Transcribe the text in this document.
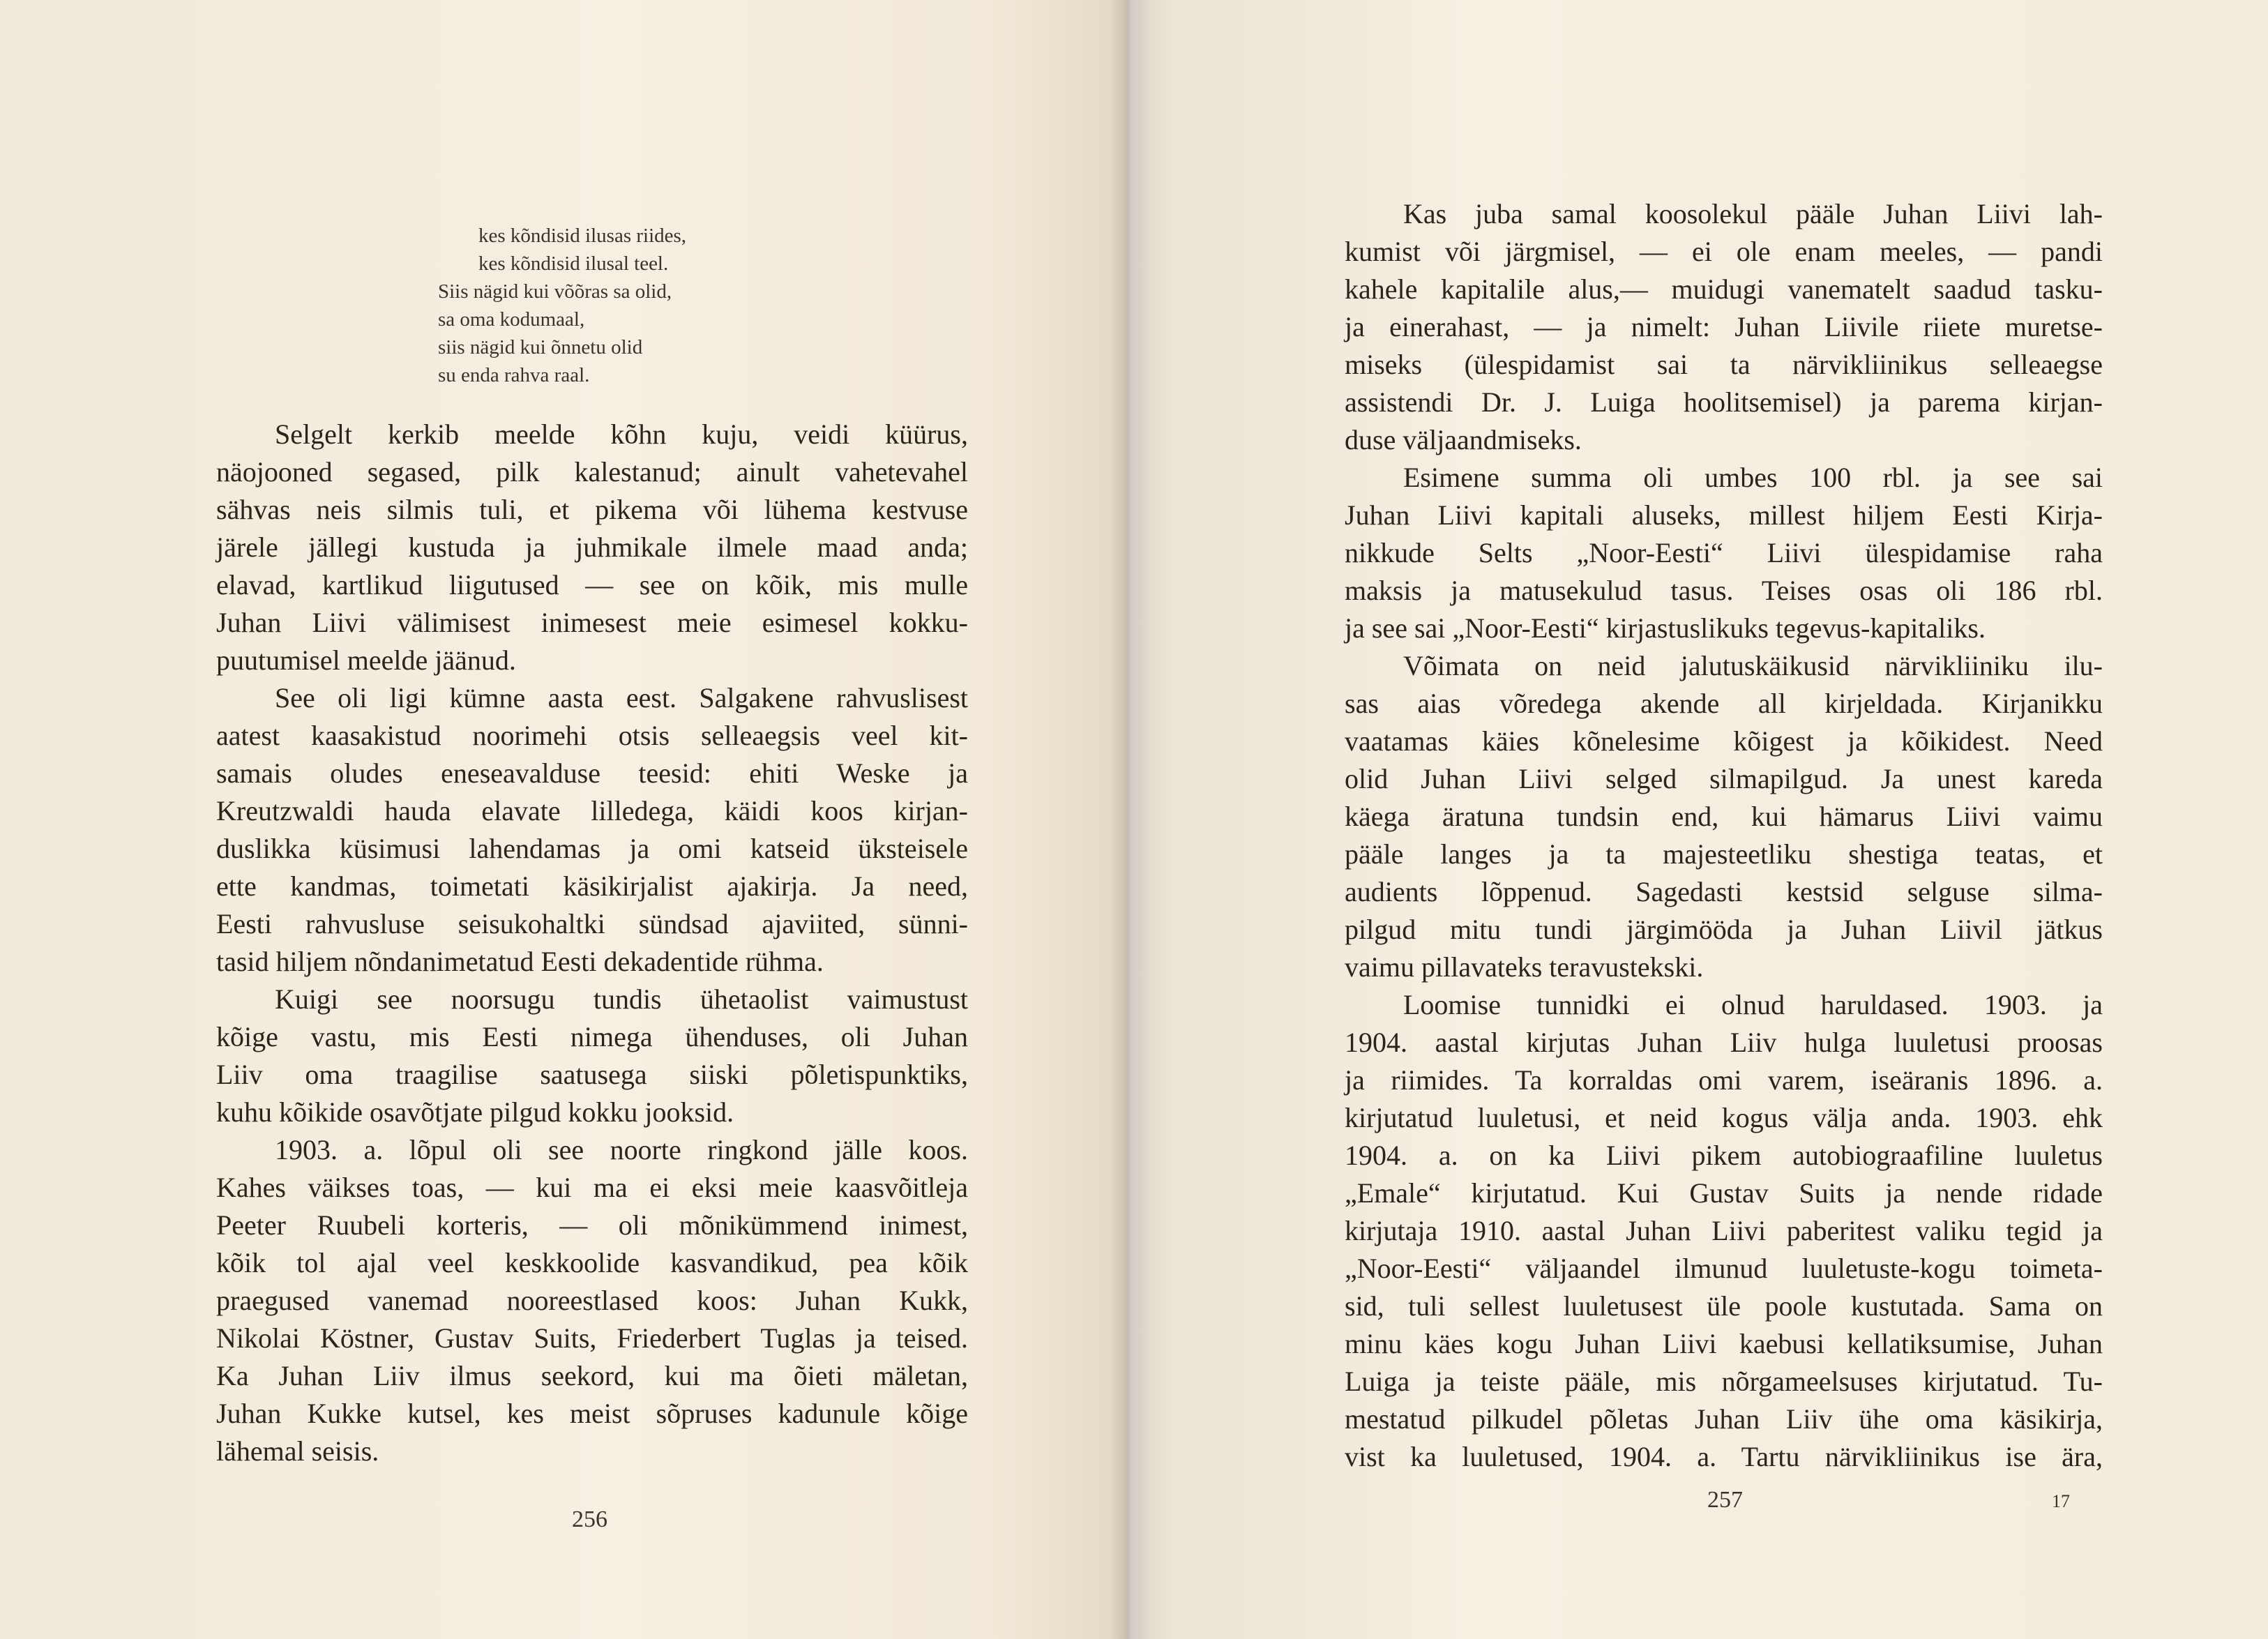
kes kõndisid ilusas riides,
kes kõndisid ilusal teel.
Siis nägid kui võõras sa olid,
sa oma kodumaal,
siis nägid kui õnnetu olid
su enda rahva raal.
Selgelt kerkib meelde kõhn kuju, veidi küürus,
näojooned segased, pilk kalestanud; ainult vahetevahel
sähvas neis silmis tuli, et pikema või lühema kestvuse
järele jällegi kustuda ja juhmikale ilmele maad anda;
elavad, kartlikud liigutused — see on kõik, mis mulle
Juhan Liivi välimisest inimesest meie esimesel kokku-
puutumisel meelde jäänud.
See oli ligi kümne aasta eest. Salgakene rahvuslisest
aatest kaasakistud noorimehi otsis selleaegsis veel kit-
samais oludes eneseavalduse teesid: ehiti Weske ja
Kreutzwaldi hauda elavate lilledega, käidi koos kirjan-
duslikka küsimusi lahendamas ja omi katseid üksteisele
ette kandmas, toimetati käsikirjalist ajakirja. Ja need,
Eesti rahvusluse seisukohaltki sündsad ajaviited, sünni-
tasid hiljem nõndanimetatud Eesti dekadentide rühma.
Kuigi see noorsugu tundis ühetaolist vaimustust
kõige vastu, mis Eesti nimega ühenduses, oli Juhan
Liiv oma traagilise saatusega siiski põletispunktiks,
kuhu kõikide osavõtjate pilgud kokku jooksid.
1903. a. lõpul oli see noorte ringkond jälle koos.
Kahes väikses toas, — kui ma ei eksi meie kaasvõitleja
Peeter Ruubeli korteris, — oli mõnikümmend inimest,
kõik tol ajal veel keskkoolide kasvandikud, pea kõik
praegused vanemad nooreestlased koos: Juhan Kukk,
Nikolai Köstner, Gustav Suits, Friederbert Tuglas ja teised.
Ka Juhan Liiv ilmus seekord, kui ma õieti mäletan,
Juhan Kukke kutsel, kes meist sõpruses kadunule kõige
lähemal seisis.
256
Kas juba samal koosolekul pääle Juhan Liivi lah-
kumist või järgmisel, — ei ole enam meeles, — pandi
kahele kapitalile alus,— muidugi vanematelt saadud tasku-
ja einerahast, — ja nimelt: Juhan Liivile riiete muretse-
miseks (ülespidamist sai ta närvikliinikus selleaegse
assistendi Dr. J. Luiga hoolitsemisel) ja parema kirjan-
duse väljaandmiseks.
Esimene summa oli umbes 100 rbl. ja see sai
Juhan Liivi kapitali aluseks, millest hiljem Eesti Kirja-
nikkude Selts „Noor-Eesti“ Liivi ülespidamise raha
maksis ja matusekulud tasus. Teises osas oli 186 rbl.
ja see sai „Noor-Eesti“ kirjastuslikuks tegevus-kapitaliks.
Võimata on neid jalutuskäikusid närvikliiniku ilu-
sas aias võredega akende all kirjeldada. Kirjanikku
vaatamas käies kõnelesime kõigest ja kõikidest. Need
olid Juhan Liivi selged silmapilgud. Ja unest kareda
käega äratuna tundsin end, kui hämarus Liivi vaimu
pääle langes ja ta majesteetliku shestiga teatas, et
audients lõppenud. Sagedasti kestsid selguse silma-
pilgud mitu tundi järgimööda ja Juhan Liivil jätkus
vaimu pillavateks teravustekski.
Loomise tunnidki ei olnud haruldased. 1903. ja
1904. aastal kirjutas Juhan Liiv hulga luuletusi proosas
ja riimides. Ta korraldas omi varem, iseäranis 1896. a.
kirjutatud luuletusi, et neid kogus välja anda. 1903. ehk
1904. a. on ka Liivi pikem autobiograafiline luuletus
„Emale“ kirjutatud. Kui Gustav Suits ja nende ridade
kirjutaja 1910. aastal Juhan Liivi paberitest valiku tegid ja
„Noor-Eesti“ väljaandel ilmunud luuletuste-kogu toimeta-
sid, tuli sellest luuletusest üle poole kustutada. Sama on
minu käes kogu Juhan Liivi kaebusi kellatiksumise, Juhan
Luiga ja teiste pääle, mis nõrgameelsuses kirjutatud. Tu-
mestatud pilkudel põletas Juhan Liiv ühe oma käsikirja,
vist ka luuletused, 1904. a. Tartu närvikliinikus ise ära,
257	17
